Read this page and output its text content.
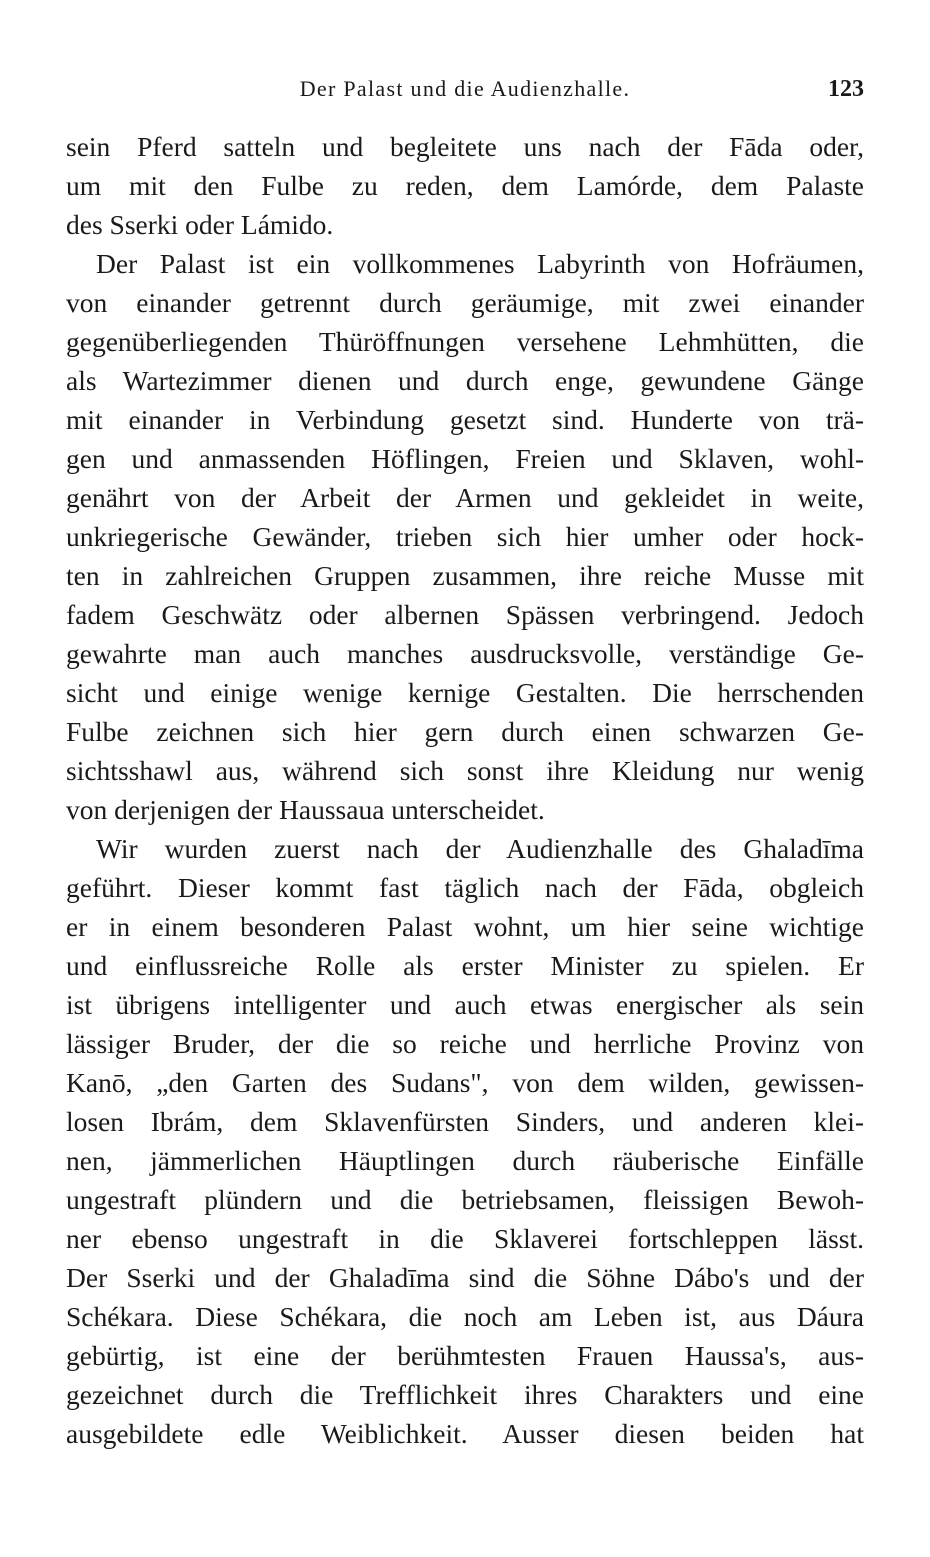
Der Palast und die Audienzhalle.	123
sein Pferd satteln und begleitete uns nach der Fāda oder,
um mit den Fulbe zu reden, dem Lamórde, dem Palaste
des Sserki oder Lámido.
Der Palast ist ein vollkommenes Labyrinth von Hofräumen,
von einander getrennt durch geräumige, mit zwei einander
gegenüberliegenden Thüröffnungen versehene Lehmhütten, die
als Wartezimmer dienen und durch enge, gewundene Gänge
mit einander in Verbindung gesetzt sind. Hunderte von trä-
gen und anmassenden Höflingen, Freien und Sklaven, wohl-
genährt von der Arbeit der Armen und gekleidet in weite,
unkriegerische Gewänder, trieben sich hier umher oder hock-
ten in zahlreichen Gruppen zusammen, ihre reiche Musse mit
fadem Geschwätz oder albernen Spässen verbringend. Jedoch
gewahrte man auch manches ausdrucksvolle, verständige Ge-
sicht und einige wenige kernige Gestalten. Die herrschenden
Fulbe zeichnen sich hier gern durch einen schwarzen Ge-
sichtsshawl aus, während sich sonst ihre Kleidung nur wenig
von derjenigen der Haussaua unterscheidet.
Wir wurden zuerst nach der Audienzhalle des Ghaladīma
geführt. Dieser kommt fast täglich nach der Fāda, obgleich
er in einem besonderen Palast wohnt, um hier seine wichtige
und einflussreiche Rolle als erster Minister zu spielen. Er
ist übrigens intelligenter und auch etwas energischer als sein
lässiger Bruder, der die so reiche und herrliche Provinz von
Kanō, „den Garten des Sudans", von dem wilden, gewissen-
losen Ibrám, dem Sklavenfürsten Sinders, und anderen klei-
nen, jämmerlichen Häuptlingen durch räuberische Einfälle
ungestraft plündern und die betriebsamen, fleissigen Bewoh-
ner ebenso ungestraft in die Sklaverei fortschleppen lässt.
Der Sserki und der Ghaladīma sind die Söhne Dábo's und der
Schékara. Diese Schékara, die noch am Leben ist, aus Dáura
gebürtig, ist eine der berühmtesten Frauen Haussa's, aus-
gezeichnet durch die Trefflichkeit ihres Charakters und eine
ausgebildete edle Weiblichkeit. Ausser diesen beiden hat
